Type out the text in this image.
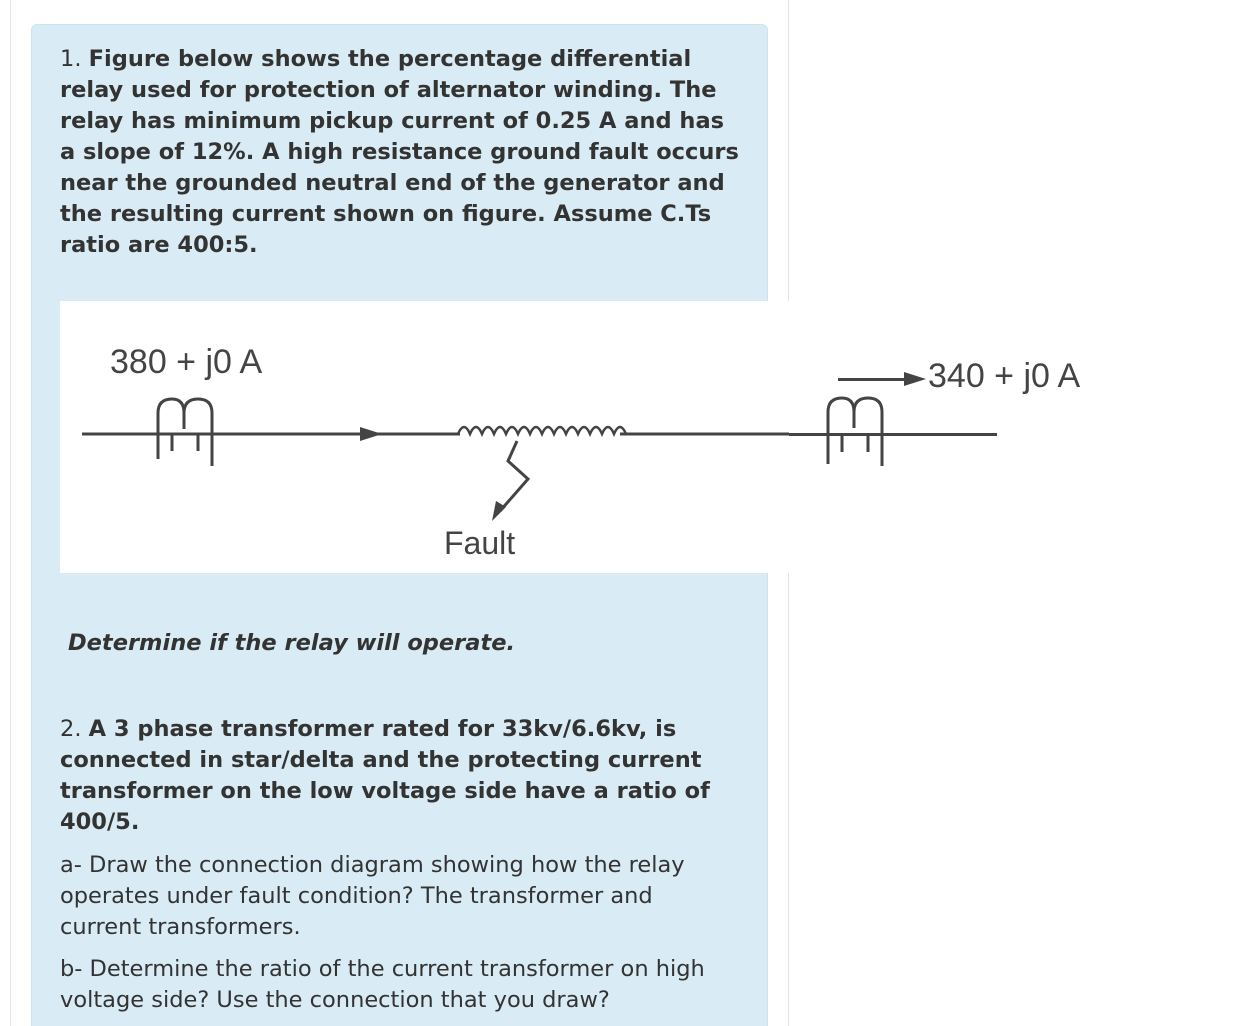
1. Figure below shows the percentage differential relay used for protection of alternator winding. The relay has minimum pickup current of 0.25 A and has a slope of 12%. A high resistance ground fault occurs near the grounded neutral end of the generator and the resulting current shown on figure. Assume C.Ts ratio are 400:5.

380 + j0 A
Fault
340 + j0 A

Determine if the relay will operate.

2. A 3 phase transformer rated for 33kv/6.6kv, is connected in star/delta and the protecting current transformer on the low voltage side have a ratio of 400/5.

a- Draw the connection diagram showing how the relay operates under fault condition? The transformer and current transformers.

b- Determine the ratio of the current transformer on high voltage side? Use the connection that you draw?
